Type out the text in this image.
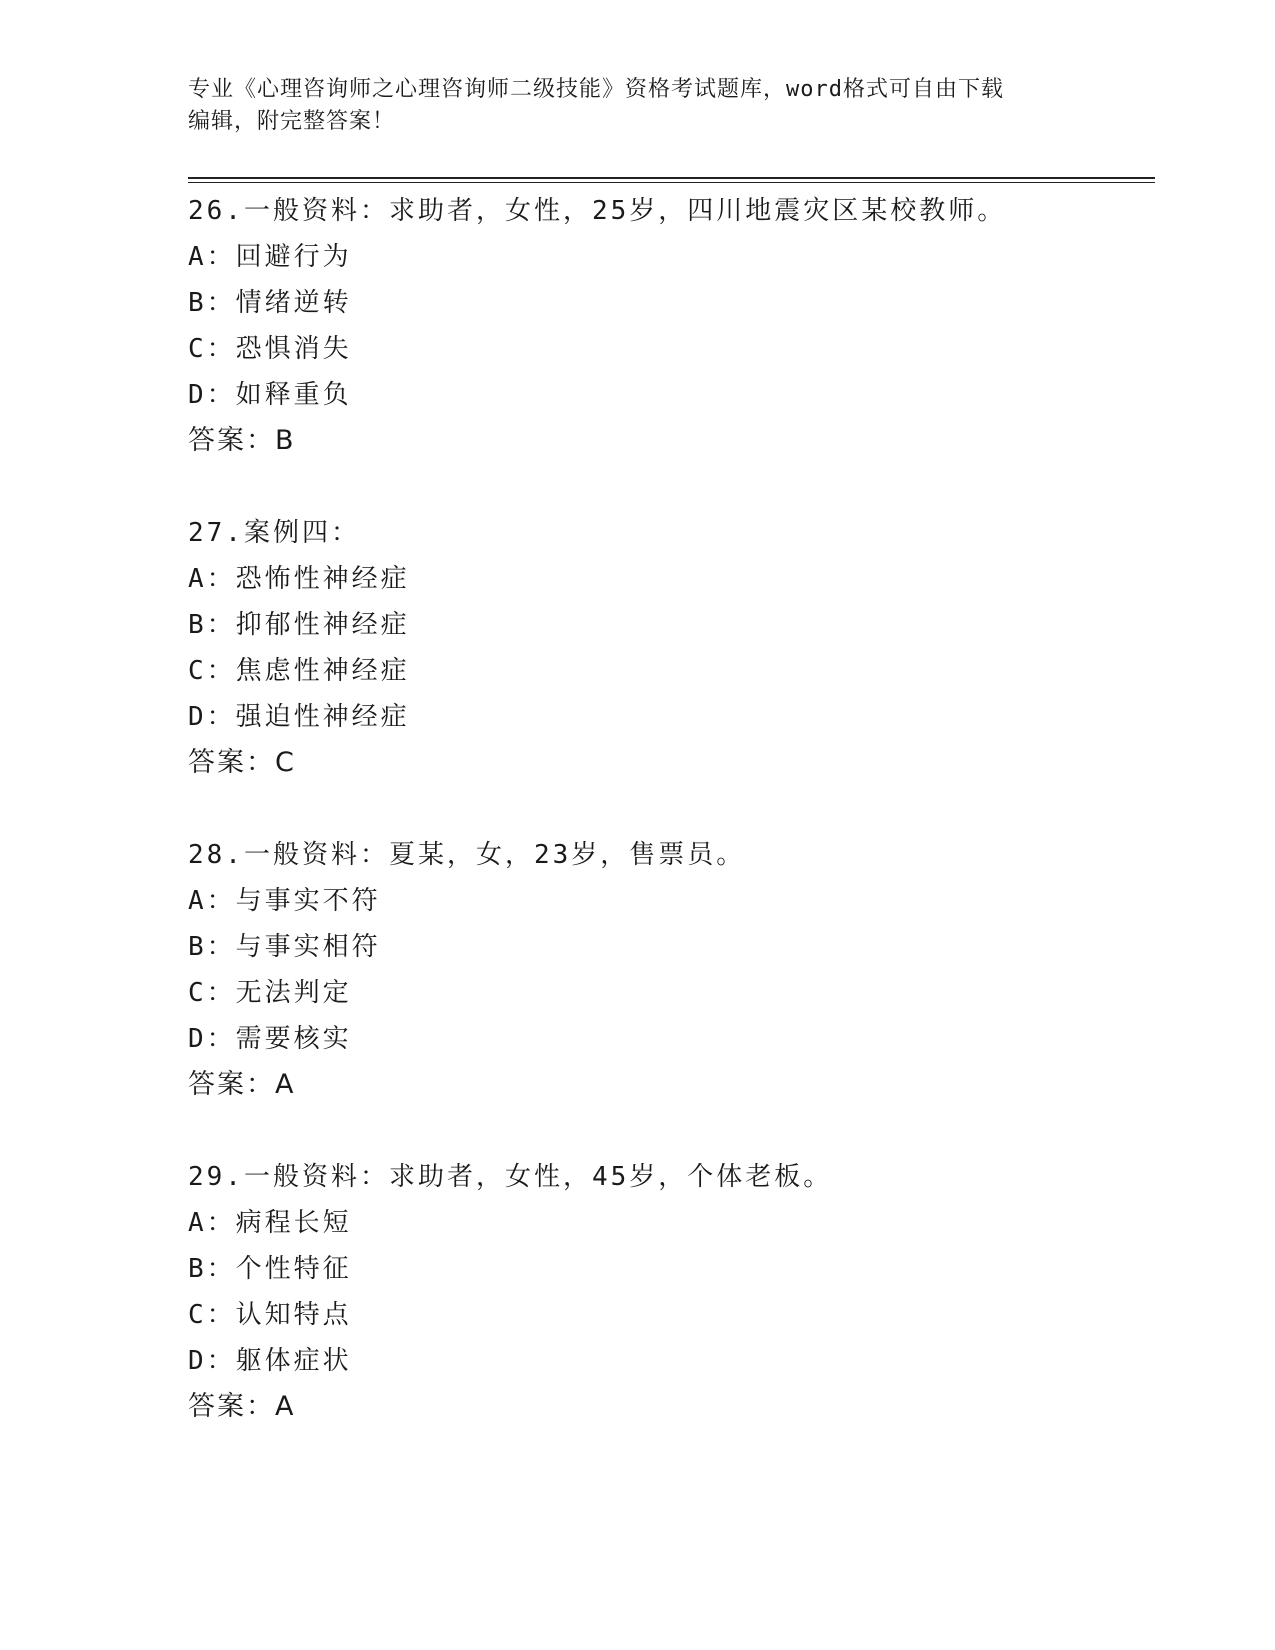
专业《心理咨询师之心理咨询师二级技能》资格考试题库，word格式可自由下载
编辑，附完整答案！
26.一般资料：求助者，女性，25岁，四川地震灾区某校教师。
A：回避行为
B：情绪逆转
C：恐惧消失
D：如释重负
答案：B
27.案例四：
A：恐怖性神经症
B：抑郁性神经症
C：焦虑性神经症
D：强迫性神经症
答案：C
28.一般资料：夏某，女，23岁，售票员。
A：与事实不符
B：与事实相符
C：无法判定
D：需要核实
答案：A
29.一般资料：求助者，女性，45岁，个体老板。
A：病程长短
B：个性特征
C：认知特点
D：躯体症状
答案：A
